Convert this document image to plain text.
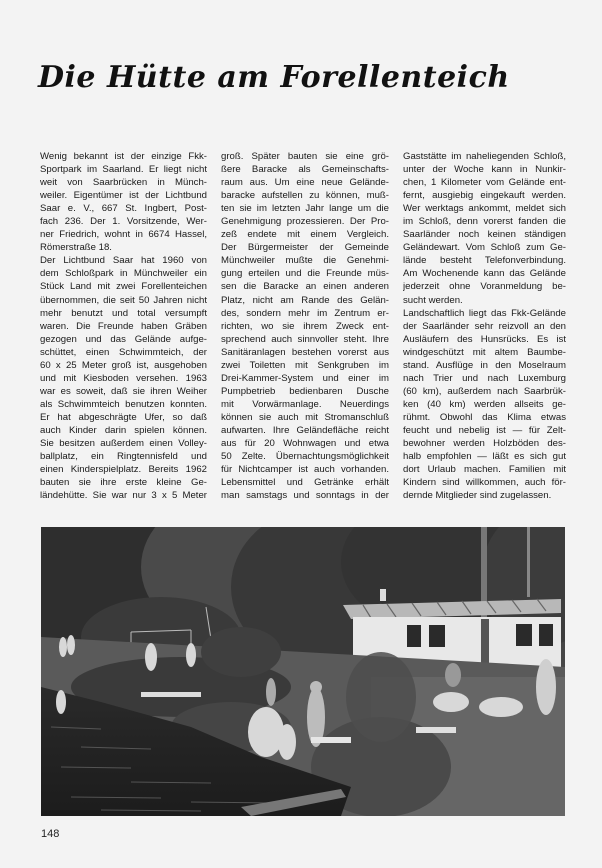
Die Hütte am Forellenteich
Wenig bekannt ist der einzige Fkk-
Sportpark im Saarland. Er liegt nicht
weit von Saarbrücken in Münch-
weiler. Eigentümer ist der Lichtbund
Saar e. V., 667 St. Ingbert, Post-
fach 236. Der 1. Vorsitzende, Wer-
ner Friedrich, wohnt in 6674 Hassel,
Römerstraße 18.
Der Lichtbund Saar hat 1960 von
dem Schloßpark in Münchweiler ein
Stück Land mit zwei Forellenteichen
übernommen, die seit 50 Jahren nicht
mehr benutzt und total versumpft
waren. Die Freunde haben Gräben
gezogen und das Gelände aufge-
schüttet, einen Schwimmteich, der
60 x 25 Meter groß ist, ausgehoben
und mit Kiesboden versehen. 1963
war es soweit, daß sie ihren Weiher
als Schwimmteich benutzen konnten.
Er hat abgeschrägte Ufer, so daß
auch Kinder darin spielen können.
Sie besitzen außerdem einen Volley-
ballplatz, ein Ringtennisfeld und
einen Kinderspielplatz. Bereits 1962
bauten sie ihre erste kleine Ge-
ländehütte. Sie war nur 3 x 5 Meter
groß. Später bauten sie eine grö-
ßere Baracke als Gemeinschafts-
raum aus. Um eine neue Gelände-
baracke aufstellen zu können, muß-
ten sie im letzten Jahr lange um die
Genehmigung prozessieren. Der Pro-
zeß endete mit einem Vergleich.
Der Bürgermeister der Gemeinde
Münchweiler mußte die Genehmi-
gung erteilen und die Freunde müs-
sen die Baracke an einen anderen
Platz, nicht am Rande des Gelän-
des, sondern mehr im Zentrum er-
richten, wo sie ihrem Zweck ent-
sprechend auch sinnvoller steht. Ihre
Sanitäranlagen bestehen vorerst aus
zwei Toiletten mit Senkgruben im
Drei-Kammer-System und einer im
Pumpbetrieb bedienbaren Dusche
mit Vorwärmanlage. Neuerdings
können sie auch mit Stromanschluß
aufwarten. Ihre Geländefläche reicht
aus für 20 Wohnwagen und etwa
50 Zelte. Übernachtungsmöglichkeit
für Nichtcamper ist auch vorhanden.
Lebensmittel und Getränke erhält
man samstags und sonntags in der
Gaststätte im naheliegenden Schloß,
unter der Woche kann in Nunkir-
chen, 1 Kilometer vom Gelände ent-
fernt, ausgiebig eingekauft werden.
Wer werktags ankommt, meldet sich
im Schloß, denn vorerst fanden die
Saarländer noch keinen ständigen
Geländewart. Vom Schloß zum Ge-
lände besteht Telefonverbindung.
Am Wochenende kann das Gelände
jederzeit ohne Voranmeldung be-
sucht werden.
Landschaftlich liegt das Fkk-Gelände
der Saarländer sehr reizvoll an den
Ausläufern des Hunsrücks. Es ist
windgeschützt mit altem Baumbe-
stand. Ausflüge in den Moselraum
nach Trier und nach Luxemburg
(60 km), außerdem nach Saarbrük-
ken (40 km) werden allseits ge-
rühmt. Obwohl das Klima etwas
feucht und nebelig ist — für Zelt-
bewohner werden Holzböden des-
halb empfohlen — läßt es sich gut
dort Urlaub machen. Familien mit
Kindern sind willkommen, auch för-
dernde Mitglieder sind zugelassen.
148
